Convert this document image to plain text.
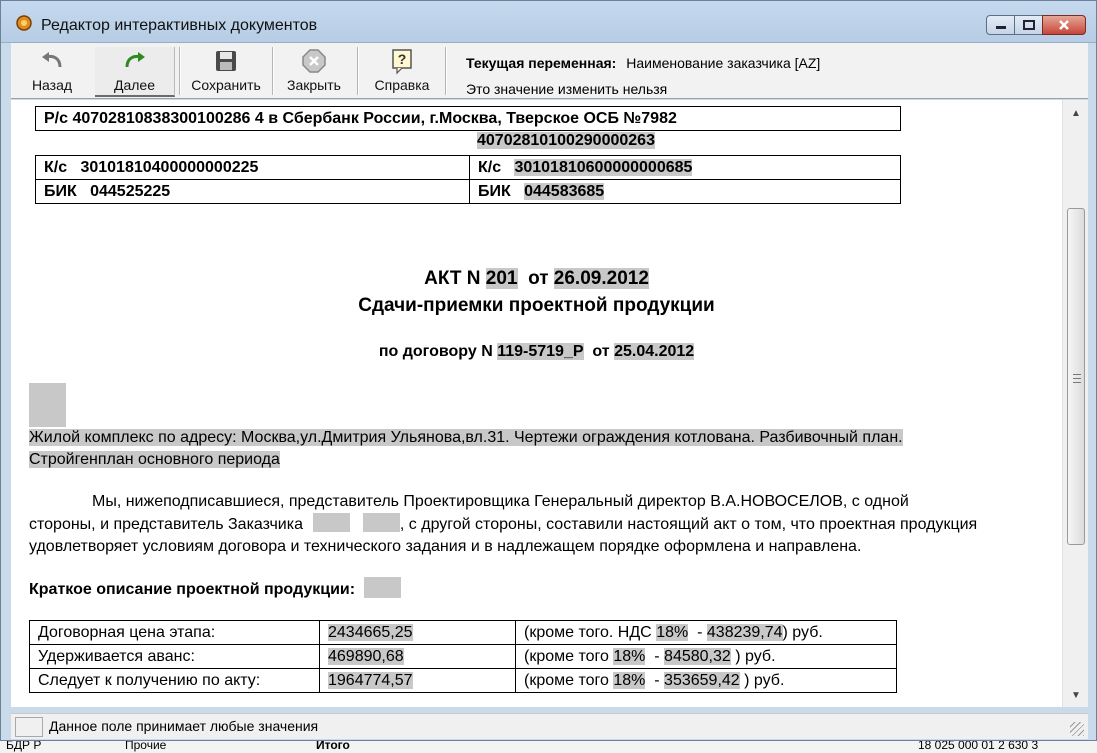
Редактор интерактивных документов
Назад	Далее	Сохранить Закрыть
?
Справка
Текущая переменная: Наименование заказчика [AZ]
Это значение изменить нельзя
Р/с 40702810838300100286 4 в Сбербанк России, г.Москва, Тверское ОСБ №7982
40702810100290000263
К/с 30101810400000000225	К/с 30101810600000000685
БИК 044525225	БИК 044583685
АКТ N 201 от 26.09.2012
Сдачи-приемки проектной продукции
по договору N 119-5719_Р от 25.04.2012
Жилой комплекс по адресу: Москва,ул.Дмитрия Ульянова,вл.31. Чертежи ограждения котлована. Разбивочный план.
Стройгенплан основного периода
Мы, нижеподписавшиеся, представитель Проектировщика Генеральный директор В.А.НОВОСЕЛОВ, с одной
стороны, и представитель Заказчика	, с другой стороны, составили настоящий акт о том, что проектная продукция
удовлетворяет условиям договора и технического задания и в надлежащем порядке оформлена и направлена.
Краткое описание проектной продукции:
Договорная цена этапа:	2434665,25	(кроме того. НДС 18%  - 438239,74) руб.
Удерживается аванс:	469890,68	(кроме того 18%  - 84580,32 ) руб.
Следует к получению по акту:	1964774,57	(кроме того 18%  - 353659,42 ) руб.
▲
▼
Данное поле принимает любые значения
БДР Р	Прочие	Итого	18 025 000 01 2 630 3
